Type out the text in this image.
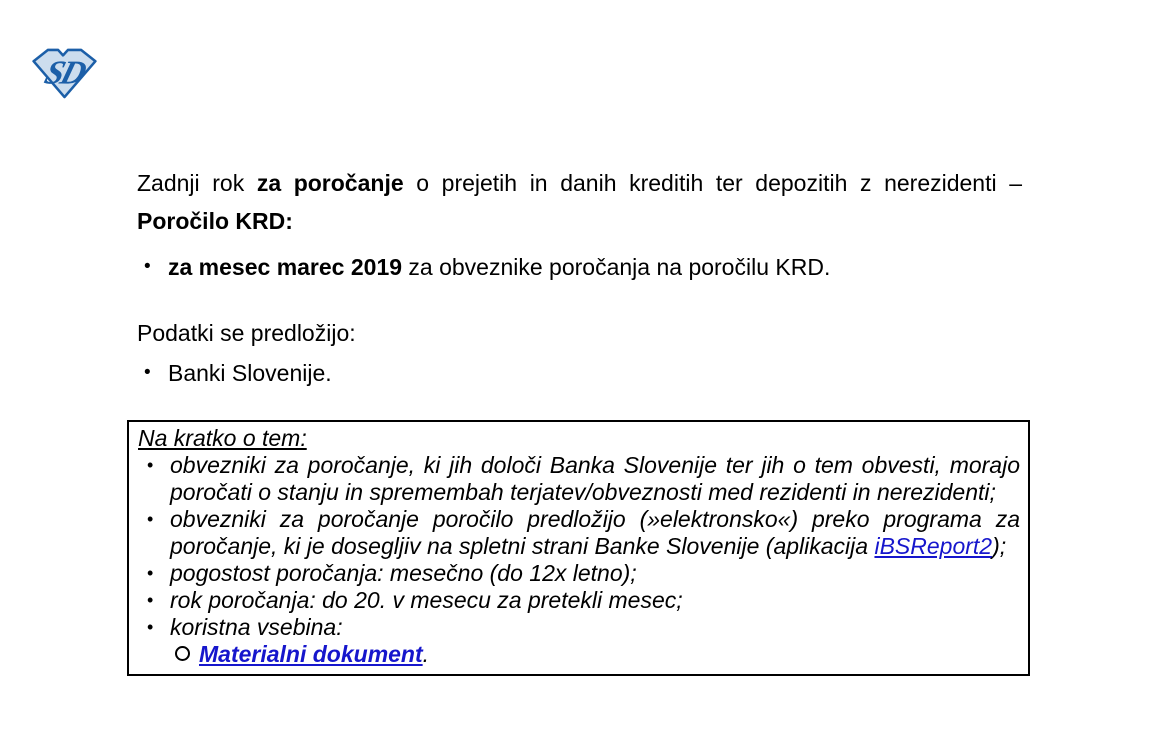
SD
Zadnji rok za poročanje o prejetih in danih kreditih ter depozitih z nerezidenti –
Poročilo KRD:
• za mesec marec 2019 za obveznike poročanja na poročilu KRD.
Podatki se predložijo:
• Banki Slovenije.
Na kratko o tem:
• obvezniki za poročanje, ki jih določi Banka Slovenije ter jih o tem obvesti, morajo
poročati o stanju in spremembah terjatev/obveznosti med rezidenti in nerezidenti;
• obvezniki za poročanje poročilo predložijo (»elektronsko«) preko programa za
poročanje, ki je dosegljiv na spletni strani Banke Slovenije (aplikacija iBSReport2);
• pogostost poročanja: mesečno (do 12x letno);
• rok poročanja: do 20. v mesecu za pretekli mesec;
• koristna vsebina:
Materialni dokument.
